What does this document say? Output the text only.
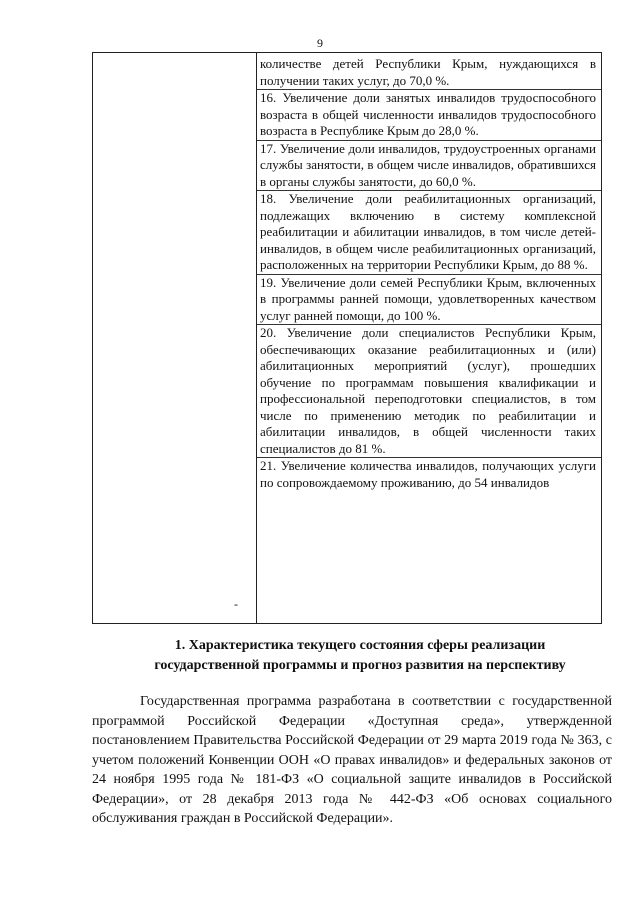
9
-
количестве детей Республики Крым, нуждающихся в получении таких услуг, до 70,0 %.
16. Увеличение доли занятых инвалидов трудоспособного возраста в общей численности инвалидов трудоспособного возраста в Республике Крым до 28,0 %.
17. Увеличение доли инвалидов, трудоустроенных органами службы занятости, в общем числе инвалидов, обратившихся в органы службы занятости, до 60,0 %.
18. Увеличение доли реабилитационных организаций, подлежащих включению в систему комплексной реабилитации и абилитации инвалидов, в том числе детей-инвалидов, в общем числе реабилитационных организаций, расположенных на территории Республики Крым, до 88 %.
19. Увеличение доли семей Республики Крым, включенных в программы ранней помощи, удовлетворенных качеством услуг ранней помощи, до 100 %.
20. Увеличение доли специалистов Республики Крым, обеспечивающих оказание реабилитационных и (или) абилитационных мероприятий (услуг), прошедших обучение по программам повышения квалификации и профессиональной переподготовки специалистов, в том числе по применению методик по реабилитации и абилитации инвалидов, в общей численности таких специалистов до 81 %.
21. Увеличение количества инвалидов, получающих услуги по сопровождаемому проживанию, до 54 инвалидов
1. Характеристика текущего состояния сферы реализации
государственной программы и прогноз развития на перспективу
Государственная программа разработана в соответствии с государственной программой Российской Федерации «Доступная среда», утвержденной постановлением Правительства Российской Федерации от 29 марта 2019 года № 363, с учетом положений Конвенции ООН «О правах инвалидов» и федеральных законов от 24 ноября 1995 года № 181-ФЗ «О социальной защите инвалидов в Российской Федерации», от 28 декабря 2013 года № 442-ФЗ «Об основах социального обслуживания граждан в Российской Федерации».
